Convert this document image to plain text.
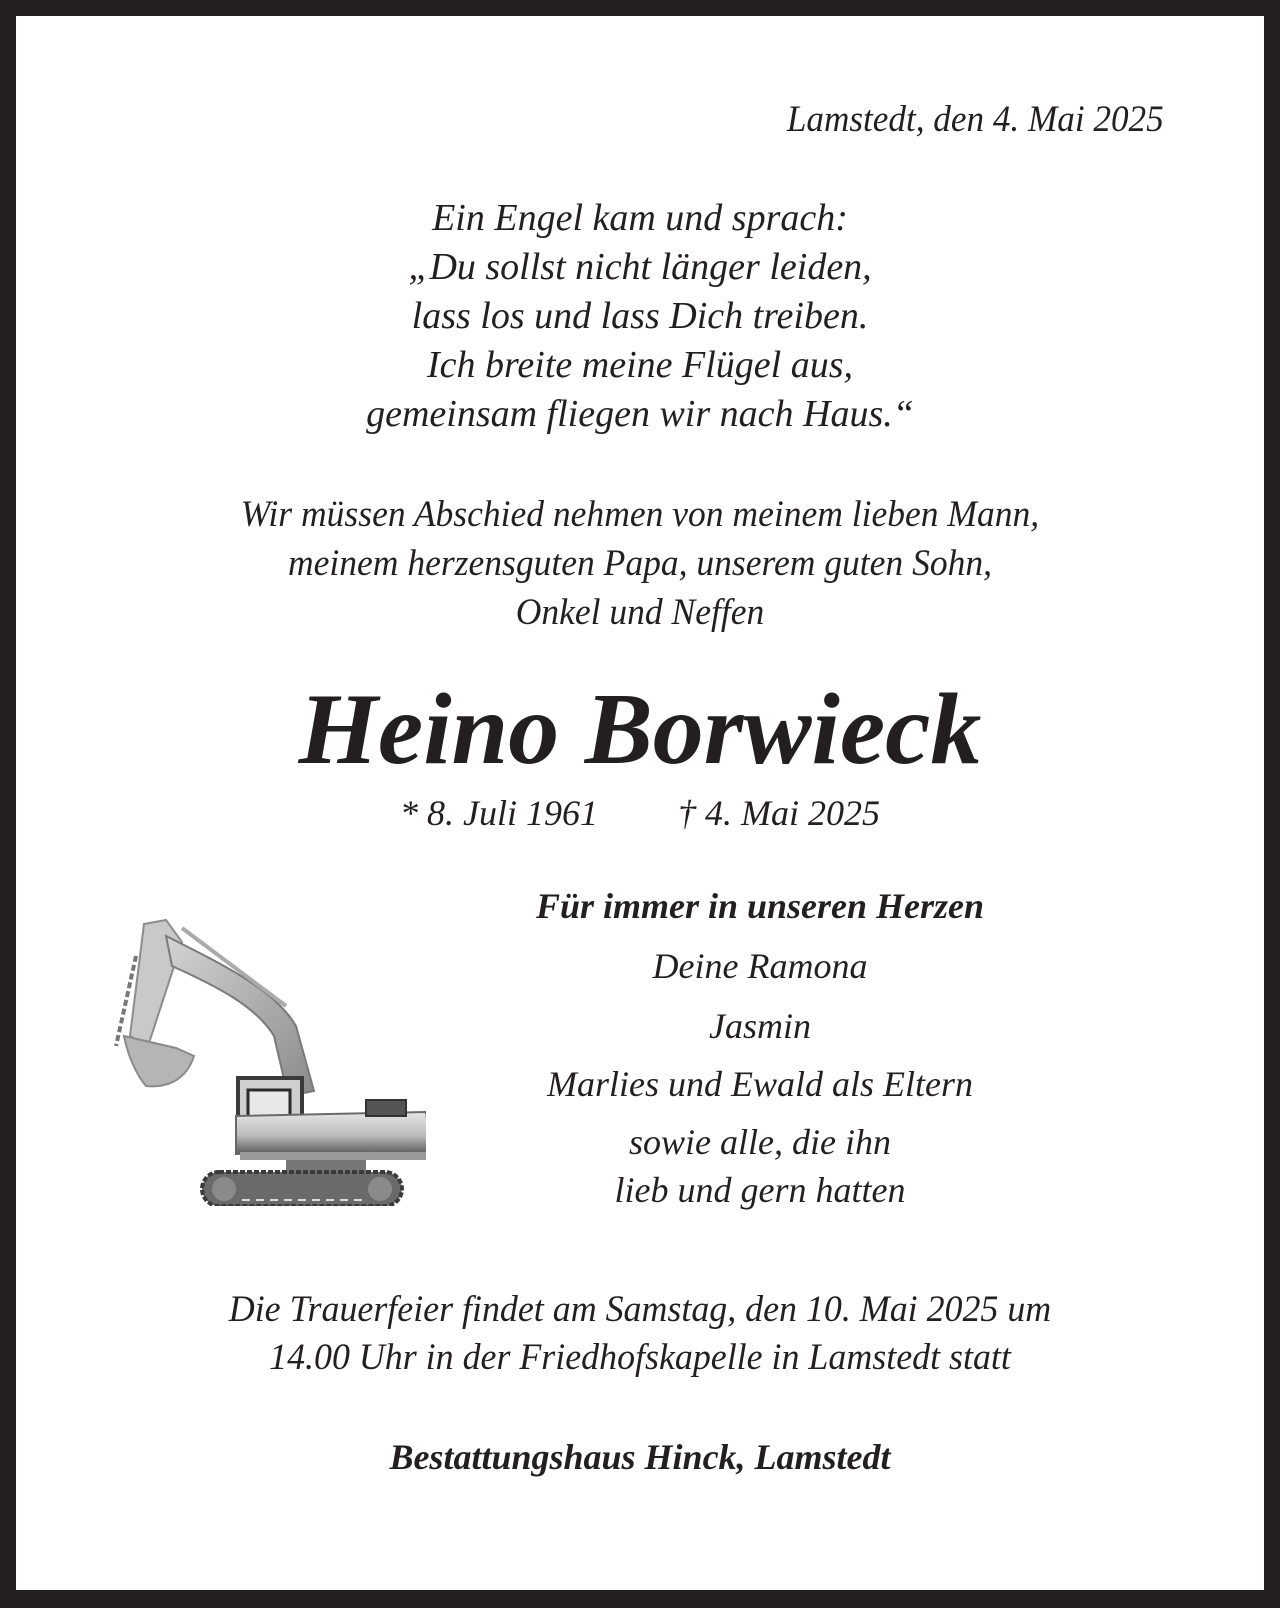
Lamstedt, den 4. Mai 2025
Ein Engel kam und sprach:
„Du sollst nicht länger leiden,
lass los und lass Dich treiben.
Ich breite meine Flügel aus,
gemeinsam fliegen wir nach Haus.“
Wir müssen Abschied nehmen von meinem lieben Mann,
meinem herzensguten Papa, unserem guten Sohn,
Onkel und Neffen
Heino Borwieck
* 8. Juli 1961 † 4. Mai 2025
Für immer in unseren Herzen
Deine Ramona
Jasmin
Marlies und Ewald als Eltern
sowie alle, die ihn
lieb und gern hatten
Die Trauerfeier findet am Samstag, den 10. Mai 2025 um
14.00 Uhr in der Friedhofskapelle in Lamstedt statt
Bestattungshaus Hinck, Lamstedt
